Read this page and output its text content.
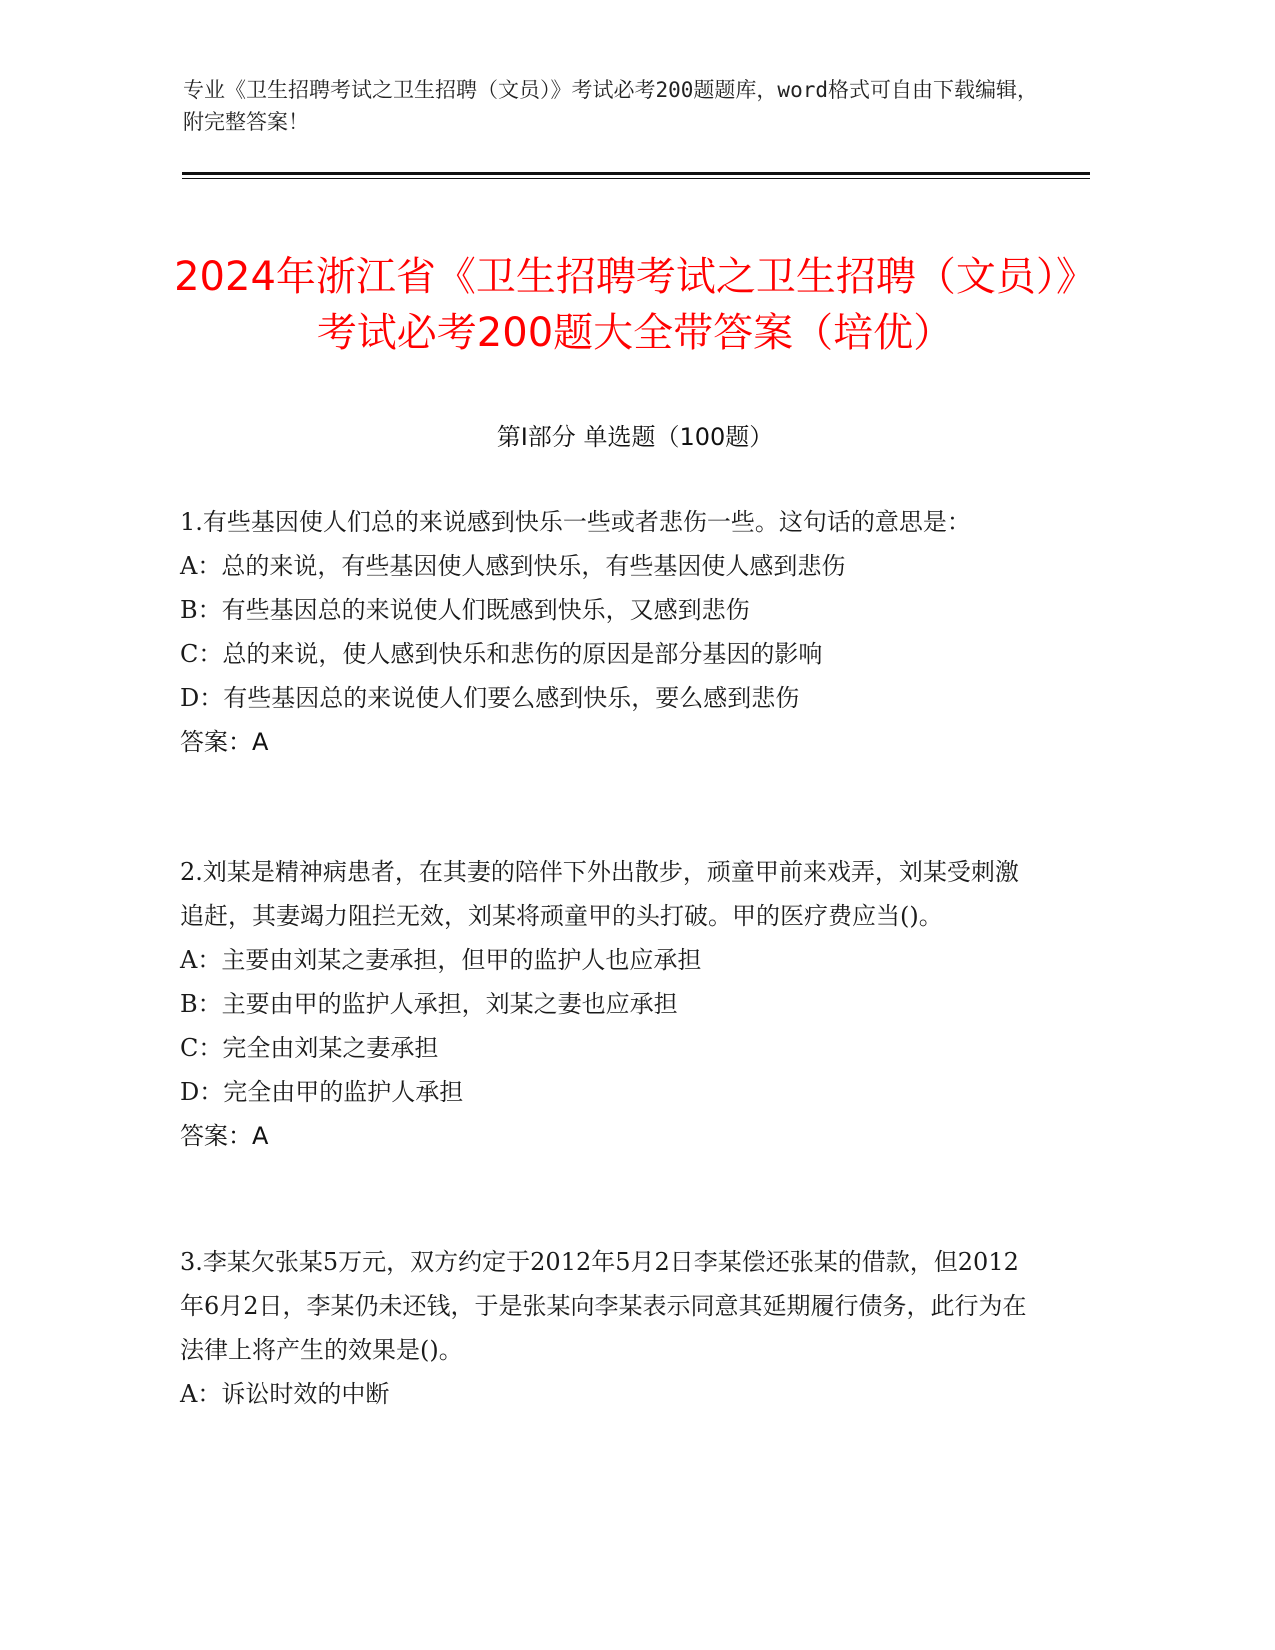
专业《卫生招聘考试之卫生招聘（文员）》考试必考200题题库，word格式可自由下载编辑，附完整答案！
2024年浙江省《卫生招聘考试之卫生招聘（文员）》考试必考200题大全带答案（培优）
第I部分 单选题（100题）

1.有些基因使人们总的来说感到快乐一些或者悲伤一些。这句话的意思是：

A：总的来说，有些基因使人感到快乐，有些基因使人感到悲伤

B：有些基因总的来说使人们既感到快乐，又感到悲伤

C：总的来说，使人感到快乐和悲伤的原因是部分基因的影响

D：有些基因总的来说使人们要么感到快乐，要么感到悲伤

答案：A

2.刘某是精神病患者，在其妻的陪伴下外出散步，顽童甲前来戏弄，刘某受刺激追赶，其妻竭力阻拦无效，刘某将顽童甲的头打破。甲的医疗费应当()。

A：主要由刘某之妻承担，但甲的监护人也应承担

B：主要由甲的监护人承担，刘某之妻也应承担

C：完全由刘某之妻承担

D：完全由甲的监护人承担

答案：A

3.李某欠张某5万元，双方约定于2012年5月2日李某偿还张某的借款，但2012年6月2日，李某仍未还钱，于是张某向李某表示同意其延期履行债务，此行为在法律上将产生的效果是()。

A：诉讼时效的中断
